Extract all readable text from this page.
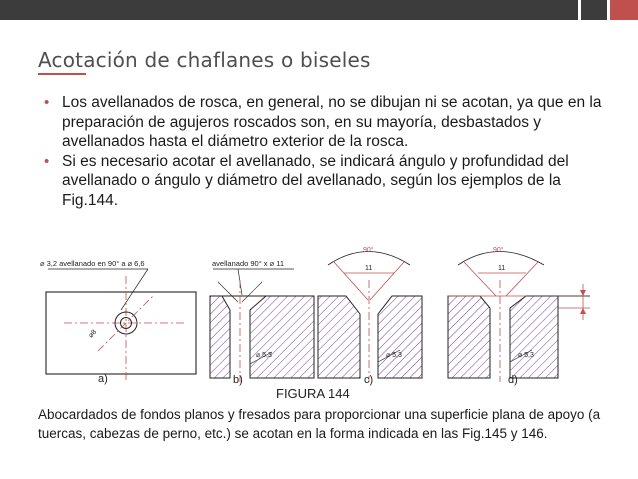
Acotación de chaflanes o biseles
• Los avellanados de rosca, en general, no se dibujan ni se acotan, ya que en la preparación de agujeros roscados son, en su mayoría, desbastados y avellanados hasta el diámetro exterior de la rosca.
• Si es necesario acotar el avellanado, se indicará ángulo y profundidad del avellanado o ángulo y diámetro del avellanado, según los ejemplos de la Fig.144.
⌀ 3,2 avellanado en 90° a ⌀ 6,6
⌀8
a)
avellanado 90° x ⌀ 11
⌀ 5,3
b)
90°
11
⌀ 5,3
c)
90°
11
⌀ 5,3
d)
FIGURA 144

Abocardados de fondos planos y fresados para proporcionar una superficie plana de apoyo (a tuercas, cabezas de perno, etc.) se acotan en la forma indicada en las Fig.145 y 146.
